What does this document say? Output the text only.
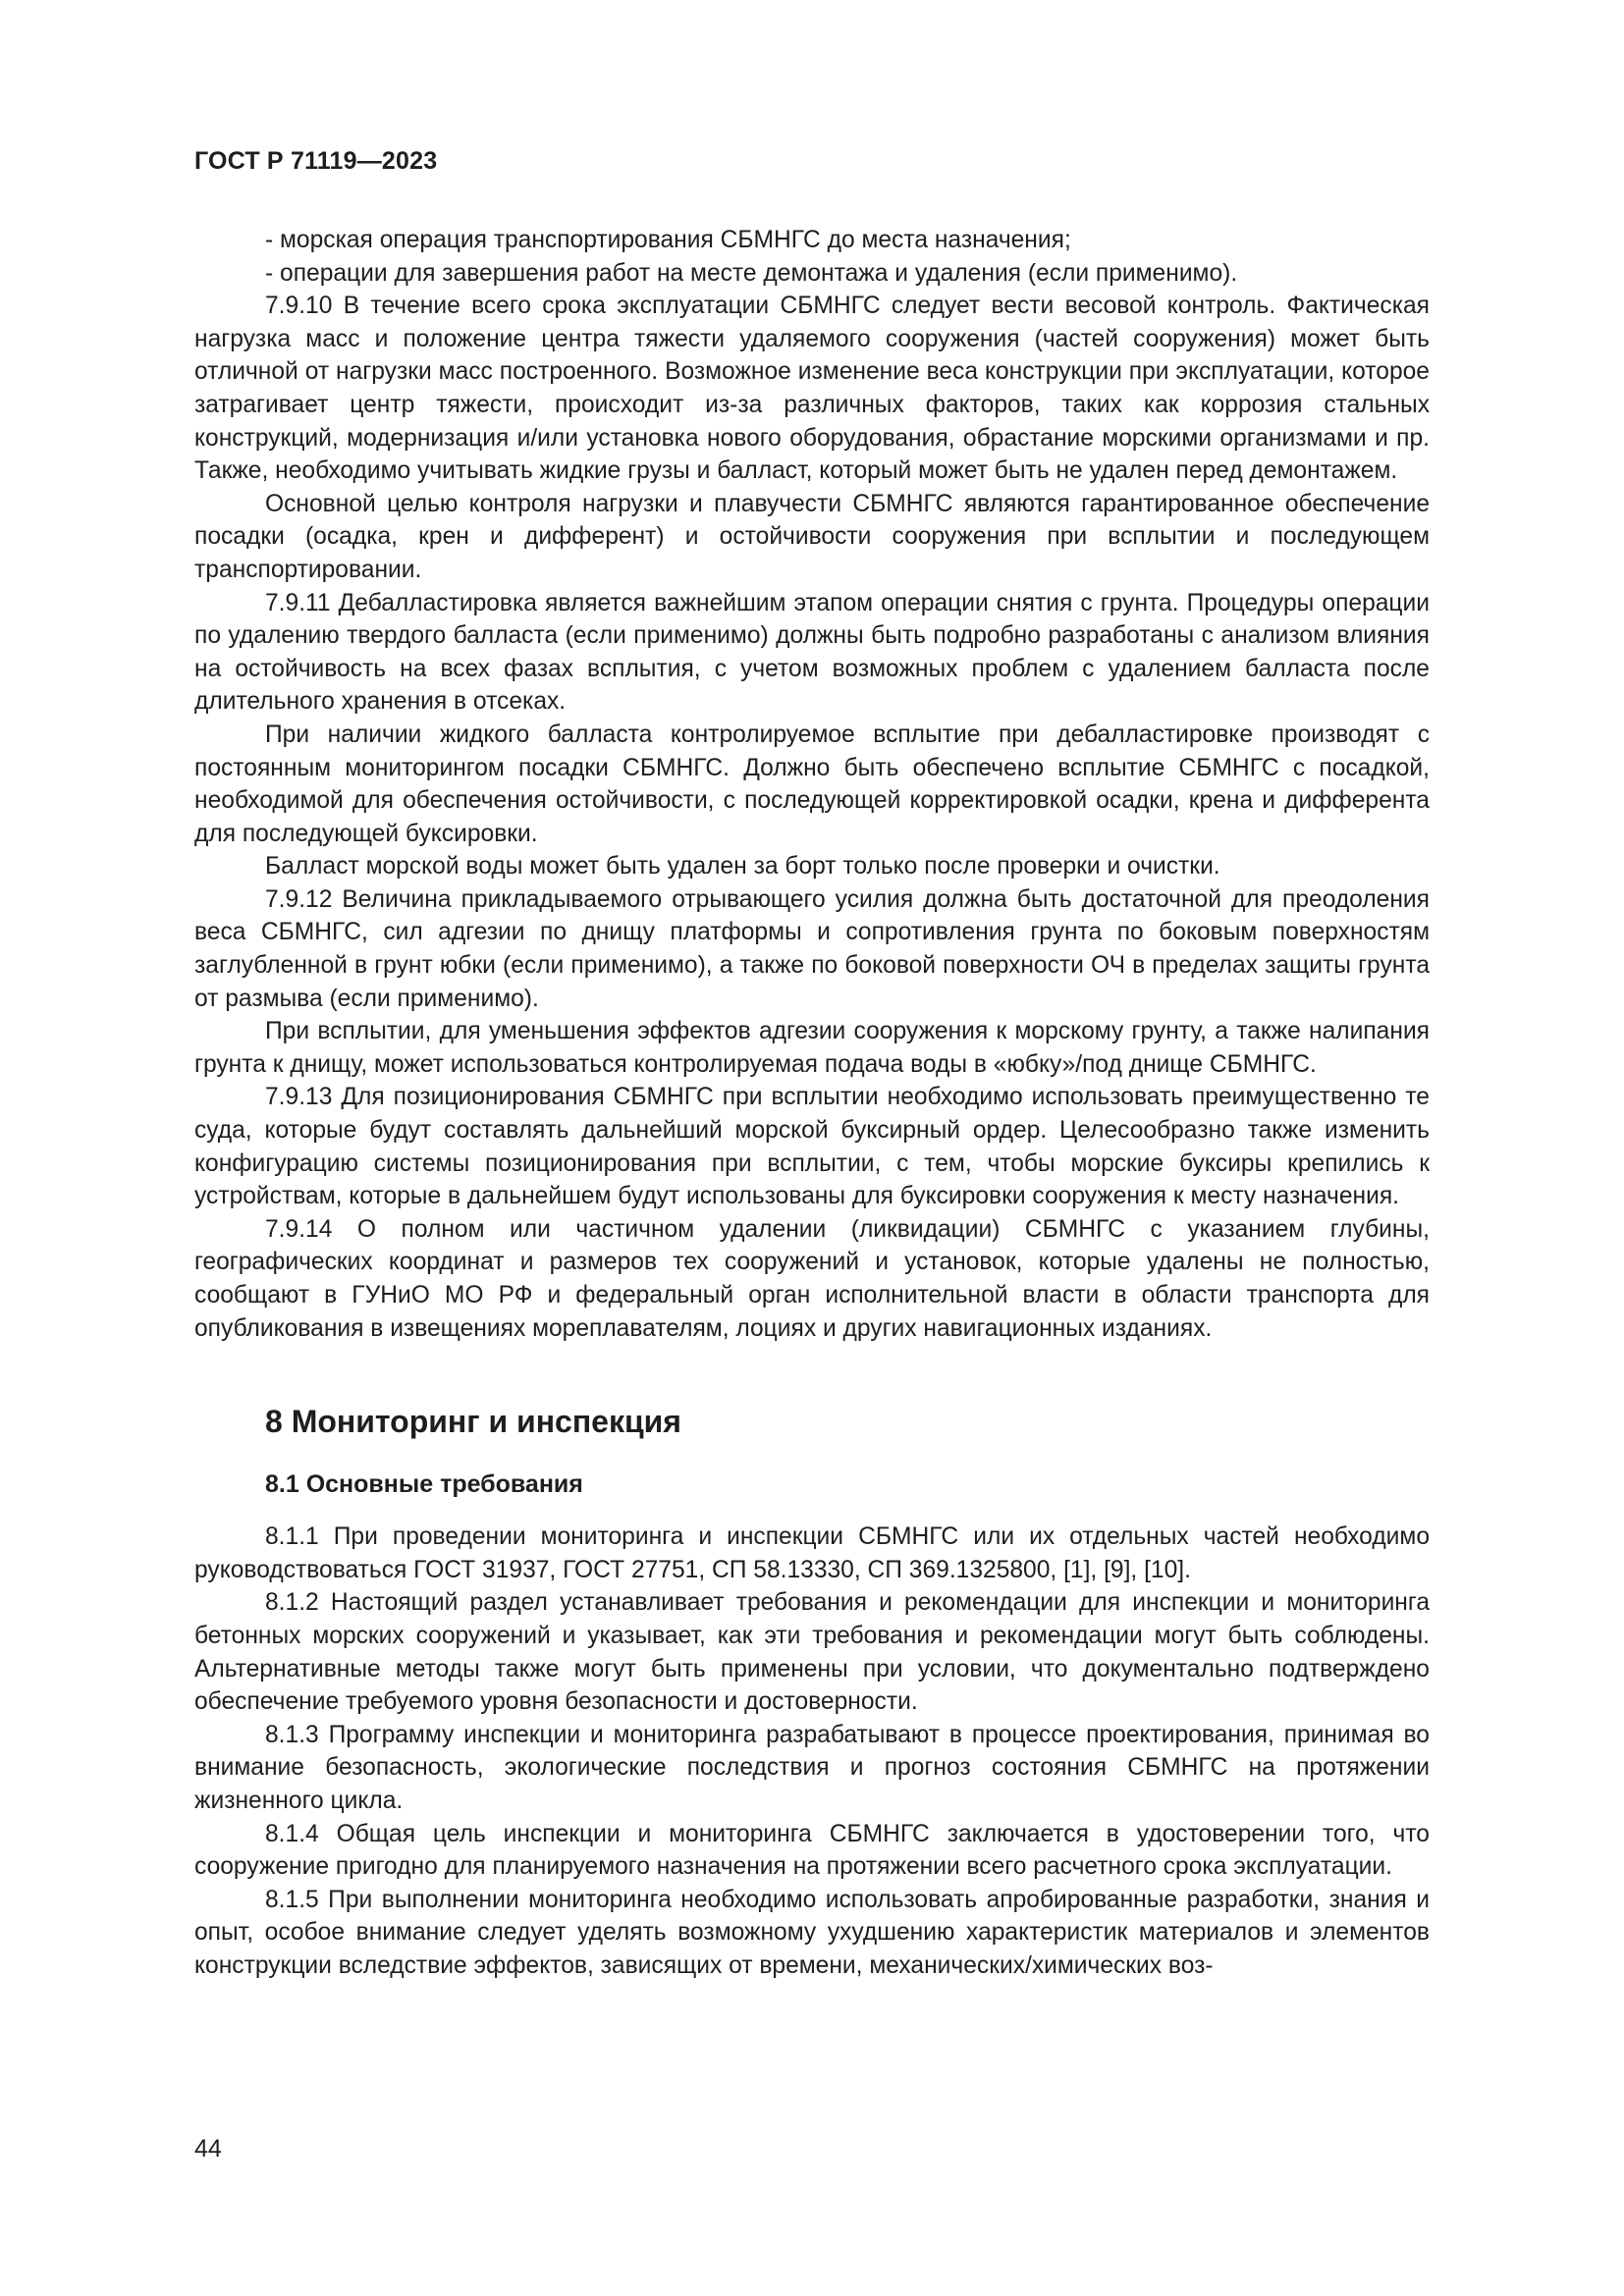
ГОСТ Р 71119—2023
- морская операция транспортирования СБМНГС до места назначения;
- операции для завершения работ на месте демонтажа и удаления (если применимо).

7.9.10 В течение всего срока эксплуатации СБМНГС следует вести весовой контроль. Фактическая нагрузка масс и положение центра тяжести удаляемого сооружения (частей сооружения) может быть отличной от нагрузки масс построенного. Возможное изменение веса конструкции при эксплуатации, которое затрагивает центр тяжести, происходит из-за различных факторов, таких как коррозия стальных конструкций, модернизация и/или установка нового оборудования, обрастание морскими организмами и пр. Также, необходимо учитывать жидкие грузы и балласт, который может быть не удален перед демонтажем.

Основной целью контроля нагрузки и плавучести СБМНГС являются гарантированное обеспечение посадки (осадка, крен и дифферент) и остойчивости сооружения при всплытии и последующем транспортировании.

7.9.11 Дебалластировка является важнейшим этапом операции снятия с грунта. Процедуры операции по удалению твердого балласта (если применимо) должны быть подробно разработаны с анализом влияния на остойчивость на всех фазах всплытия, с учетом возможных проблем с удалением балласта после длительного хранения в отсеках.

При наличии жидкого балласта контролируемое всплытие при дебалластировке производят с постоянным мониторингом посадки СБМНГС. Должно быть обеспечено всплытие СБМНГС с посадкой, необходимой для обеспечения остойчивости, с последующей корректировкой осадки, крена и дифферента для последующей буксировки.

Балласт морской воды может быть удален за борт только после проверки и очистки.

7.9.12 Величина прикладываемого отрывающего усилия должна быть достаточной для преодоления веса СБМНГС, сил адгезии по днищу платформы и сопротивления грунта по боковым поверхностям заглубленной в грунт юбки (если применимо), а также по боковой поверхности ОЧ в пределах защиты грунта от размыва (если применимо).

При всплытии, для уменьшения эффектов адгезии сооружения к морскому грунту, а также налипания грунта к днищу, может использоваться контролируемая подача воды в «юбку»/под днище СБМНГС.

7.9.13 Для позиционирования СБМНГС при всплытии необходимо использовать преимущественно те суда, которые будут составлять дальнейший морской буксирный ордер. Целесообразно также изменить конфигурацию системы позиционирования при всплытии, с тем, чтобы морские буксиры крепились к устройствам, которые в дальнейшем будут использованы для буксировки сооружения к месту назначения.

7.9.14 О полном или частичном удалении (ликвидации) СБМНГС с указанием глубины, географических координат и размеров тех сооружений и установок, которые удалены не полностью, сообщают в ГУНиО МО РФ и федеральный орган исполнительной власти в области транспорта для опубликования в извещениях мореплавателям, лоциях и других навигационных изданиях.

8 Мониторинг и инспекция
8.1 Основные требования

8.1.1 При проведении мониторинга и инспекции СБМНГС или их отдельных частей необходимо руководствоваться ГОСТ 31937, ГОСТ 27751, СП 58.13330, СП 369.1325800, [1], [9], [10].

8.1.2 Настоящий раздел устанавливает требования и рекомендации для инспекции и мониторинга бетонных морских сооружений и указывает, как эти требования и рекомендации могут быть соблюдены. Альтернативные методы также могут быть применены при условии, что документально подтверждено обеспечение требуемого уровня безопасности и достоверности.

8.1.3 Программу инспекции и мониторинга разрабатывают в процессе проектирования, принимая во внимание безопасность, экологические последствия и прогноз состояния СБМНГС на протяжении жизненного цикла.

8.1.4 Общая цель инспекции и мониторинга СБМНГС заключается в удостоверении того, что сооружение пригодно для планируемого назначения на протяжении всего расчетного срока эксплуатации.

8.1.5 При выполнении мониторинга необходимо использовать апробированные разработки, знания и опыт, особое внимание следует уделять возможному ухудшению характеристик материалов и элементов конструкции вследствие эффектов, зависящих от времени, механических/химических воз-

44
